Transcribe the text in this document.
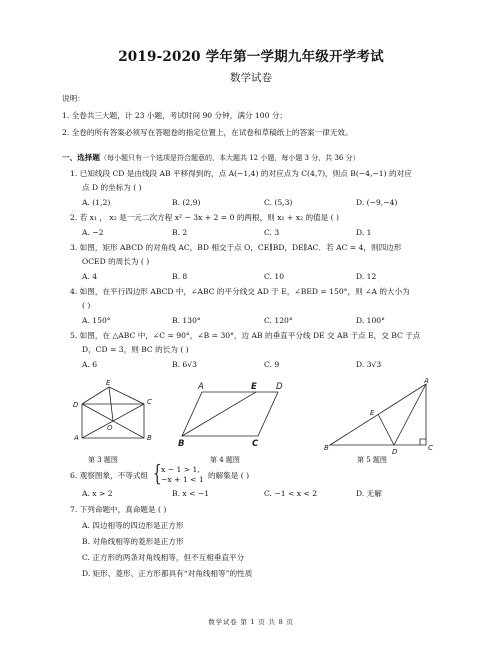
2019-2020 学年第一学期九年级开学考试
数学试卷
说明：
1. 全卷共三大题，计 23 小题，考试时间 90 分钟，满分 100 分；
2. 全卷的所有答案必须写在答题卷的指定位置上，在试卷和草稿纸上的答案一律无效。
一、选择题（每小题只有一个选项是符合题意的，本大题共 12 小题，每小题 3 分，共 36 分）
1. 已知线段 CD 是由线段 AB 平移得到的，点 A(−1,4) 的对应点为 C(4,7)，则点 B(−4,−1) 的对应
点 D 的坐标为 ( )
A. (1,2)	B. (2,9)	C. (5,3)	D. (−9,−4)
2. 若 x₁ ， x₂ 是一元二次方程 x² − 3x + 2 = 0 的两根，则 x₁ + x₂ 的值是 ( )
A. −2	B. 2	C. 3	D. 1
3. 如图，矩形 ABCD 的对角线 AC，BD 相交于点 O，CE∥BD，DE∥AC．若 AC = 4，则四边形
OCED 的周长为 ( )
A. 4	B. 8	C. 10	D. 12
4. 如图，在平行四边形 ABCD 中，∠ABC 的平分线交 AD 于 E，∠BED = 150°，则 ∠A 的大小为
( )
A. 150°	B. 130°	C. 120°	D. 100°
5. 如图，在 △ABC 中，∠C = 90°，∠B = 30°，边 AB 的垂直平分线 DE 交 AB 于点 E，交 BC 于点
D，CD = 3，则 BC 的长为 ( )
A. 6	B. 6√3	C. 9	D. 3√3
E
D	C
O
A	B
A	E D
B	C
A
E
B	D	C
第 3 题图	第 4 题图	第 5 题图
6. 观察图象，不等式组 { x − 1 > 1,
−x + 1 < 1 的解集是 ( )
A. x > 2	B. x < −1	C. −1 < x < 2	D. 无解
7. 下列命题中，真命题是 ( )
A. 四边相等的四边形是正方形
B. 对角线相等的菱形是正方形
C. 正方形的两条对角线相等，但不互相垂直平分
D. 矩形、菱形、正方形都具有“对角线相等”的性质
数学试卷 第 1 页 共 8 页
